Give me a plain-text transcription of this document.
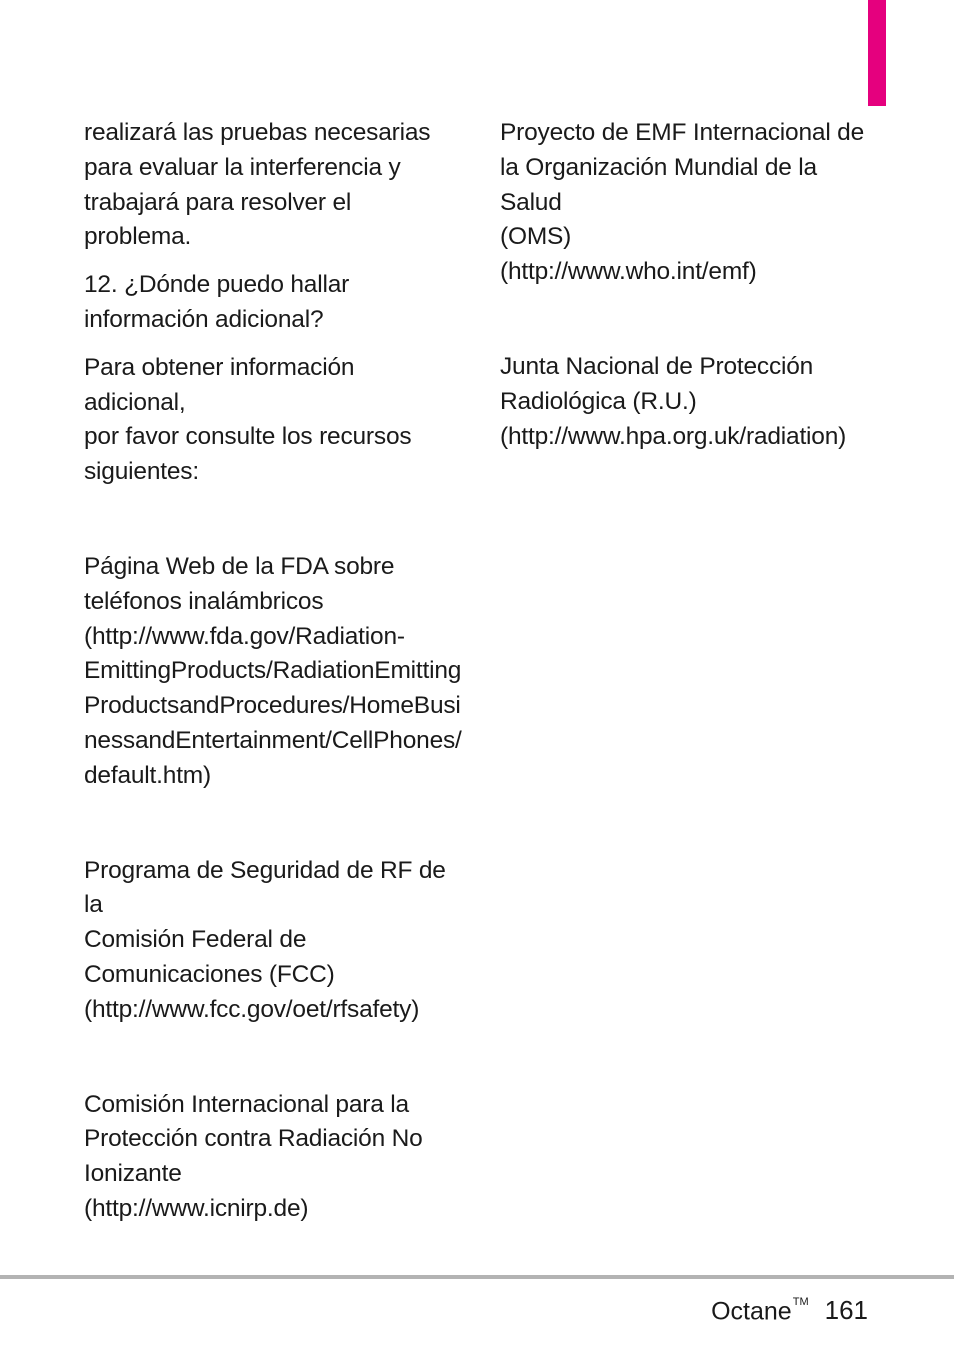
realizará las pruebas necesarias
para evaluar la interferencia y
trabajará para resolver el
problema.

12. ¿Dónde puedo hallar
información adicional?

Para obtener información adicional,
por favor consulte los recursos
siguientes:

Página Web de la FDA sobre
teléfonos inalámbricos
(http://www.fda.gov/Radiation-
EmittingProducts/RadiationEmitting
ProductsandProcedures/HomeBusi
nessandEntertainment/CellPhones/
default.htm)

Programa de Seguridad de RF de la
Comisión Federal de
Comunicaciones (FCC)
(http://www.fcc.gov/oet/rfsafety)

Comisión Internacional para la
Protección contra Radiación No
Ionizante
(http://www.icnirp.de)

Proyecto de EMF Internacional de
la Organización Mundial de la Salud
(OMS)
(http://www.who.int/emf)

Junta Nacional de Protección
Radiológica (R.U.)
(http://www.hpa.org.uk/radiation)

Octane™ 161
